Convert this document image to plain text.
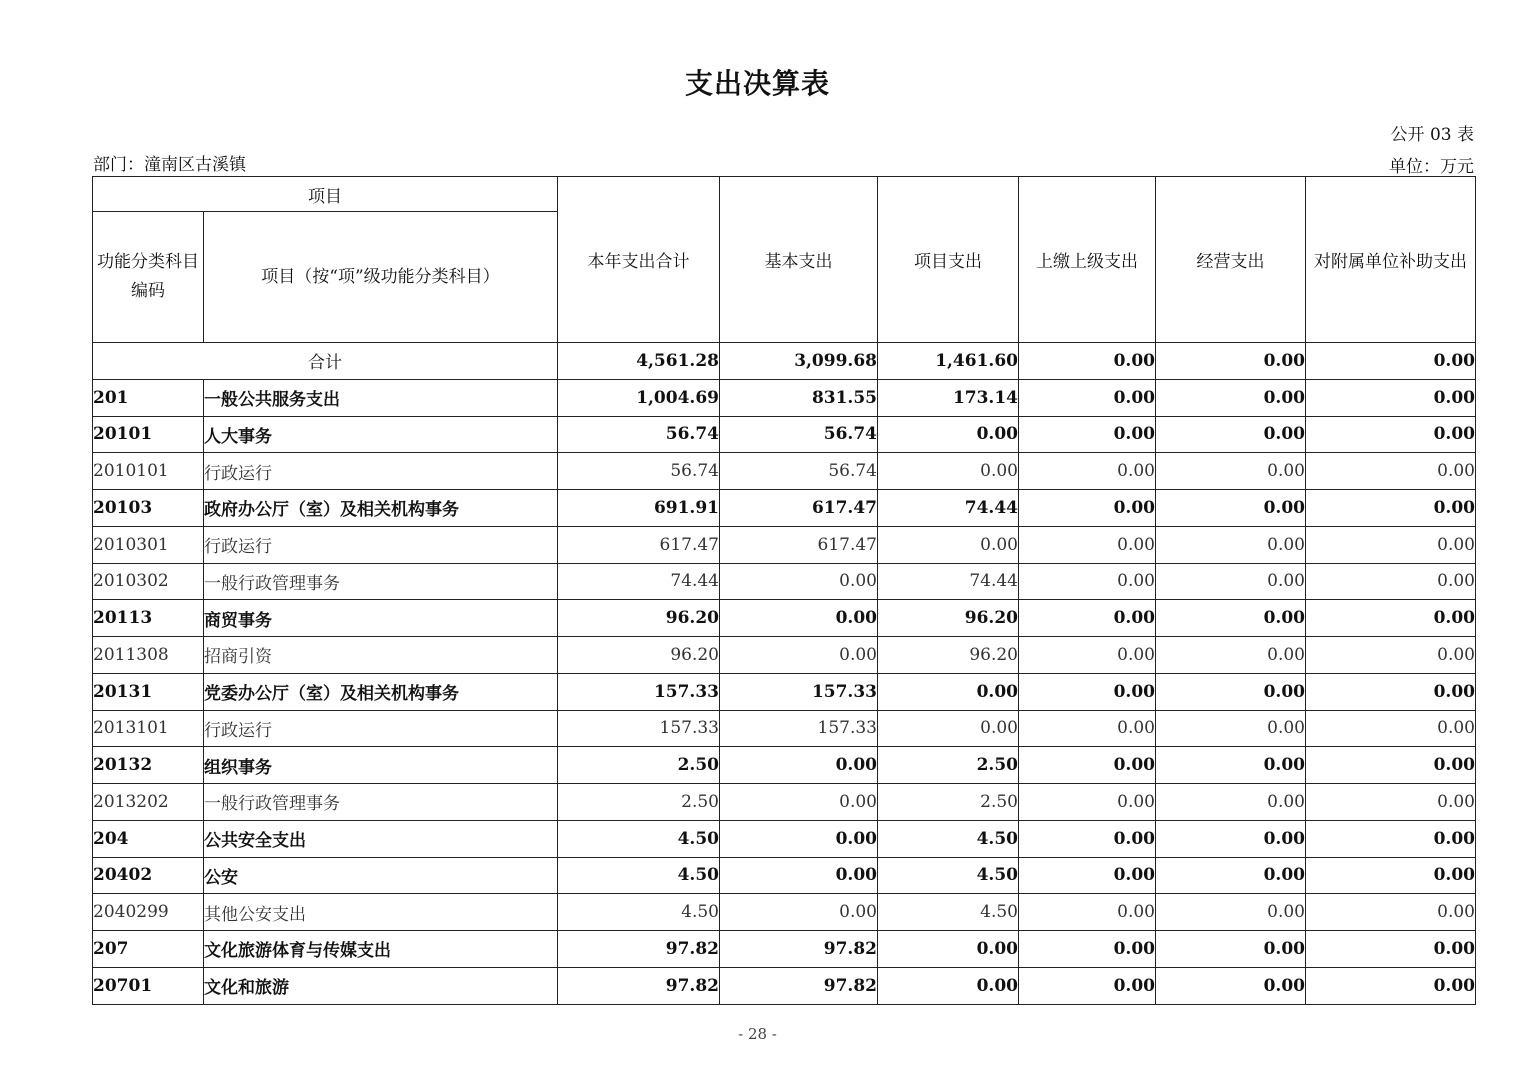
支出决算表
公开 03 表
部门：潼南区古溪镇	单位：万元
项目		本年支出合计	基本支出	项目支出	上缴上级支出	经营支出	对附属单位补助支出
功能分类科目编码	项目（按“项”级功能分类科目）						
合计		4,561.28	3,099.68	1,461.60	0.00	0.00	0.00
201	一般公共服务支出	1,004.69	831.55	173.14	0.00	0.00	0.00
20101	人大事务	56.74	56.74	0.00	0.00	0.00	0.00
2010101	行政运行	56.74	56.74	0.00	0.00	0.00	0.00
20103	政府办公厅（室）及相关机构事务	691.91	617.47	74.44	0.00	0.00	0.00
2010301	行政运行	617.47	617.47	0.00	0.00	0.00	0.00
2010302	一般行政管理事务	74.44	0.00	74.44	0.00	0.00	0.00
20113	商贸事务	96.20	0.00	96.20	0.00	0.00	0.00
2011308	招商引资	96.20	0.00	96.20	0.00	0.00	0.00
20131	党委办公厅（室）及相关机构事务	157.33	157.33	0.00	0.00	0.00	0.00
2013101	行政运行	157.33	157.33	0.00	0.00	0.00	0.00
20132	组织事务	2.50	0.00	2.50	0.00	0.00	0.00
2013202	一般行政管理事务	2.50	0.00	2.50	0.00	0.00	0.00
204	公共安全支出	4.50	0.00	4.50	0.00	0.00	0.00
20402	公安	4.50	0.00	4.50	0.00	0.00	0.00
2040299	其他公安支出	4.50	0.00	4.50	0.00	0.00	0.00
207	文化旅游体育与传媒支出	97.82	97.82	0.00	0.00	0.00	0.00
20701	文化和旅游	97.82	97.82	0.00	0.00	0.00	0.00
- 28 -
